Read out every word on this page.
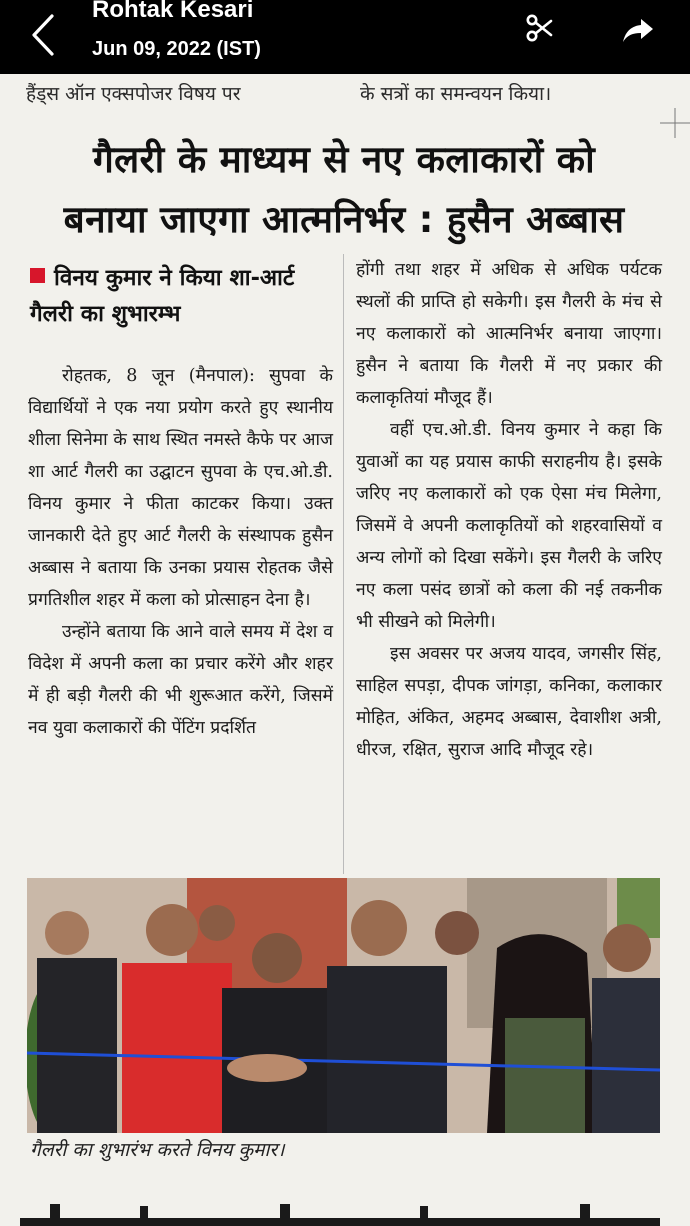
Rohtak Kesari
Jun 09, 2022 (IST)
हैंड्स ऑन एक्सपोजर विषय पर	के सत्रों का समन्वयन किया।
गैलरी के माध्यम से नए कलाकारों को
बनाया जाएगा आत्मनिर्भर : हुसैन अब्बास
विनय कुमार ने किया शा-आर्ट गैलरी का शुभारम्भ

रोहतक, 8 जून (मैनपाल): सुपवा के विद्यार्थियों ने एक नया प्रयोग करते हुए स्थानीय शीला सिनेमा के साथ स्थित नमस्ते कैफे पर आज शा आर्ट गैलरी का उद्घाटन सुपवा के एच.ओ.डी. विनय कुमार ने फीता काटकर किया। उक्त जानकारी देते हुए आर्ट गैलरी के संस्थापक हुसैन अब्बास ने बताया कि उनका प्रयास रोहतक जैसे प्रगतिशील शहर में कला को प्रोत्साहन देना है।

उन्होंने बताया कि आने वाले समय में देश व विदेश में अपनी कला का प्रचार करेंगे और शहर में ही बड़ी गैलरी की भी शुरूआत करेंगे, जिसमें नव युवा कलाकारों की पेंटिंग प्रदर्शित

होंगी तथा शहर में अधिक से अधिक पर्यटक स्थलों की प्राप्ति हो सकेगी। इस गैलरी के मंच से नए कलाकारों को आत्मनिर्भर बनाया जाएगा। हुसैन ने बताया कि गैलरी में नए प्रकार की कलाकृतियां मौजूद हैं।

वहीं एच.ओ.डी. विनय कुमार ने कहा कि युवाओं का यह प्रयास काफी सराहनीय है। इसके जरिए नए कलाकारों को एक ऐसा मंच मिलेगा, जिसमें वे अपनी कलाकृतियों को शहरवासियों व अन्य लोगों को दिखा सकेंगे। इस गैलरी के जरिए नए कला पसंद छात्रों को कला की नई तकनीक भी सीखने को मिलेगी।

इस अवसर पर अजय यादव, जगसीर सिंह, साहिल सपड़ा, दीपक जांगड़ा, कनिका, कलाकार मोहित, अंकित, अहमद अब्बास, देवाशीश अत्री, धीरज, रक्षित, सुराज आदि मौजूद रहे।

गैलरी का शुभारंभ करते विनय कुमार।
